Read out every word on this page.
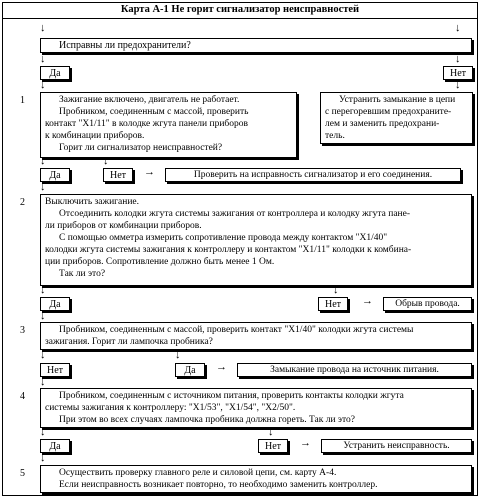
Карта А-1 Не горит сигнализатор неисправностей
↓	↓
Исправны ли предохранители?
↓	↓
Да	Нет
↓	↓
1	Зажигание включено, двигатель не работает.
Пробником, соединенным с массой, проверить
контакт "X1/11" в колодке жгута панели приборов
к комбинации приборов.
Горит ли сигнализатор неисправностей?
Устранить замыкание в цепи
с перегоревшим предохраните-
лем и заменить предохрани-
тель.
↓	↓
Да	Нет	→	Проверить на исправность сигнализатор и его соединения.
↓
2 Выключить зажигание.
Отсоединить колодки жгута системы зажигания от контроллера и колодку жгута пане-
ли приборов от комбинации приборов.
С помощью омметра измерить сопротивление провода между контактом "X1/40"
колодки жгута системы зажигания к контроллеру и контактом "X1/11" колодки к комбина-
ции приборов. Сопротивление должно быть менее 1 Ом.
Так ли это?
↓	↓
Да	Нет	→	Обрыв провода.
↓
3	Пробником, соединенным с массой, проверить контакт "X1/40" колодки жгута системы
зажигания. Горит ли лампочка пробника?
↓	↓
Нет	Да	→	Замыкание провода на источник питания.
↓
4	Пробником, соединенным с источником питания, проверить контакты колодки жгута
системы зажигания к контроллеру: "X1/53", "X1/54", "X2/50".
При этом во всех случаях лампочка пробника должна гореть. Так ли это?
↓	↓
Да	Нет	→	Устранить неисправность.
↓
5	Осуществить проверку главного реле и силовой цепи, см. карту А-4.
Если неисправность возникает повторно, то необходимо заменить контроллер.
